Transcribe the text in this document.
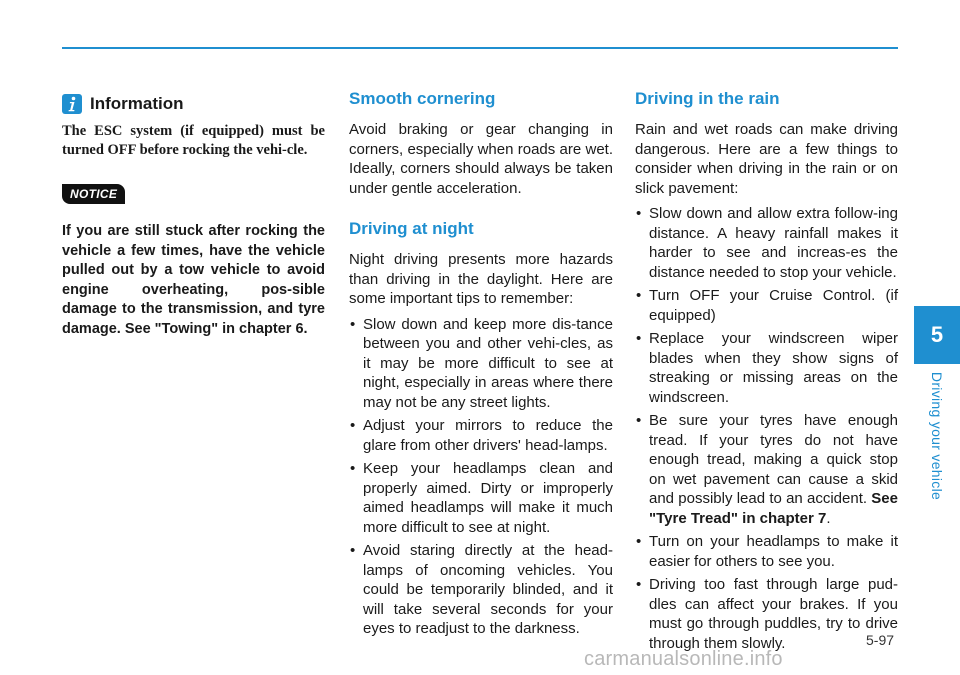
Information

The ESC system (if equipped) must be turned OFF before rocking the vehi-cle.

NOTICE

If you are still stuck after rocking the vehicle a few times, have the vehicle pulled out by a tow vehicle to avoid engine overheating, pos-sible damage to the transmission, and tyre damage. See "Towing" in chapter 6.

Smooth cornering

Avoid braking or gear changing in corners, especially when roads are wet. Ideally, corners should always be taken under gentle acceleration.

Driving at night

Night driving presents more hazards than driving in the daylight. Here are some important tips to remember:

• Slow down and keep more dis-tance between you and other vehi-cles, as it may be more difficult to see at night, especially in areas where there may not be any street lights.
• Adjust your mirrors to reduce the glare from other drivers' head-lamps.
• Keep your headlamps clean and properly aimed. Dirty or improperly aimed headlamps will make it much more difficult to see at night.
• Avoid staring directly at the head-lamps of oncoming vehicles. You could be temporarily blinded, and it will take several seconds for your eyes to readjust to the darkness.
Driving in the rain

Rain and wet roads can make driving dangerous. Here are a few things to consider when driving in the rain or on slick pavement:

• Slow down and allow extra follow-ing distance. A heavy rainfall makes it harder to see and increas-es the distance needed to stop your vehicle.
• Turn OFF your Cruise Control. (if equipped)
• Replace your windscreen wiper blades when they show signs of streaking or missing areas on the windscreen.
• Be sure your tyres have enough tread. If your tyres do not have enough tread, making a quick stop on wet pavement can cause a skid and possibly lead to an accident. See "Tyre Tread" in chapter 7.
• Turn on your headlamps to make it easier for others to see you.
• Driving too fast through large pud-dles can affect your brakes. If you must go through puddles, try to drive through them slowly.
5
Driving your vehicle
5-97
carmanualsonline.info
